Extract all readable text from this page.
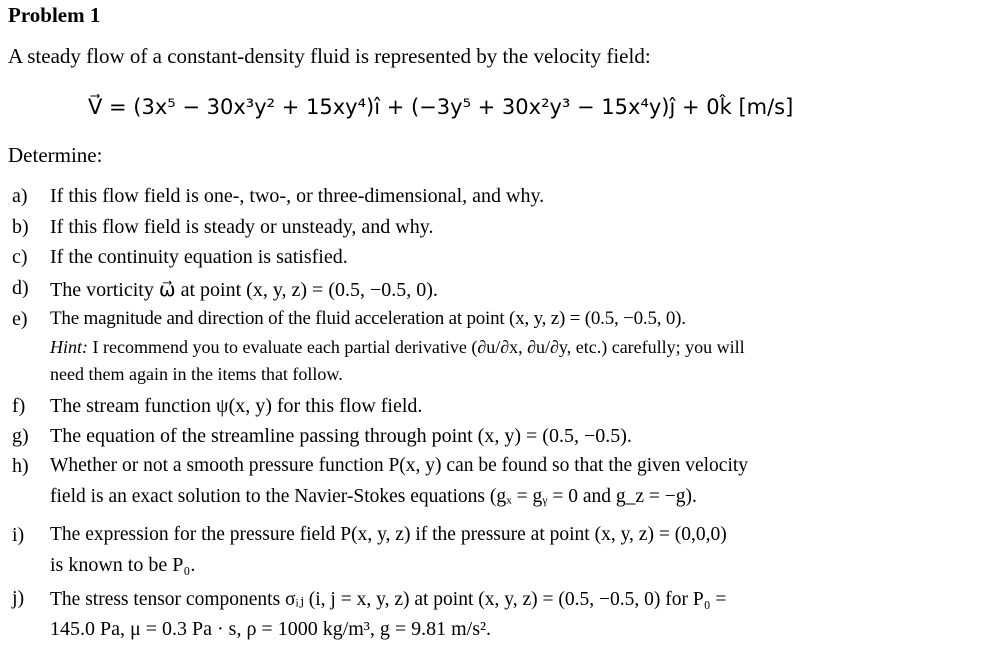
Problem 1
A steady flow of a constant-density fluid is represented by the velocity field:
V⃗ = (3x⁵ − 30x³y² + 15xy⁴)î + (−3y⁵ + 30x²y³ − 15x⁴y)ĵ + 0k̂ [m/s]
Determine:
a) If this flow field is one-, two-, or three-dimensional, and why.
b) If this flow field is steady or unsteady, and why.
c) If the continuity equation is satisfied.
d) The vorticity ω⃗ at point (x, y, z) = (0.5, −0.5, 0).
e) The magnitude and direction of the fluid acceleration at point (x, y, z) = (0.5, −0.5, 0).
Hint: I recommend you to evaluate each partial derivative (∂u/∂x, ∂u/∂y, etc.) carefully; you will
need them again in the items that follow.
f) The stream function ψ(x, y) for this flow field.
g) The equation of the streamline passing through point (x, y) = (0.5, −0.5).
h) Whether or not a smooth pressure function P(x, y) can be found so that the given velocity
field is an exact solution to the Navier-Stokes equations (gₓ = gᵧ = 0 and g_z = −g).
i) The expression for the pressure field P(x, y, z) if the pressure at point (x, y, z) = (0,0,0)
is known to be P₀.
j) The stress tensor components σᵢⱼ (i, j = x, y, z) at point (x, y, z) = (0.5, −0.5, 0) for P₀ =
145.0 Pa, μ = 0.3 Pa · s, ρ = 1000 kg/m³, g = 9.81 m/s².
